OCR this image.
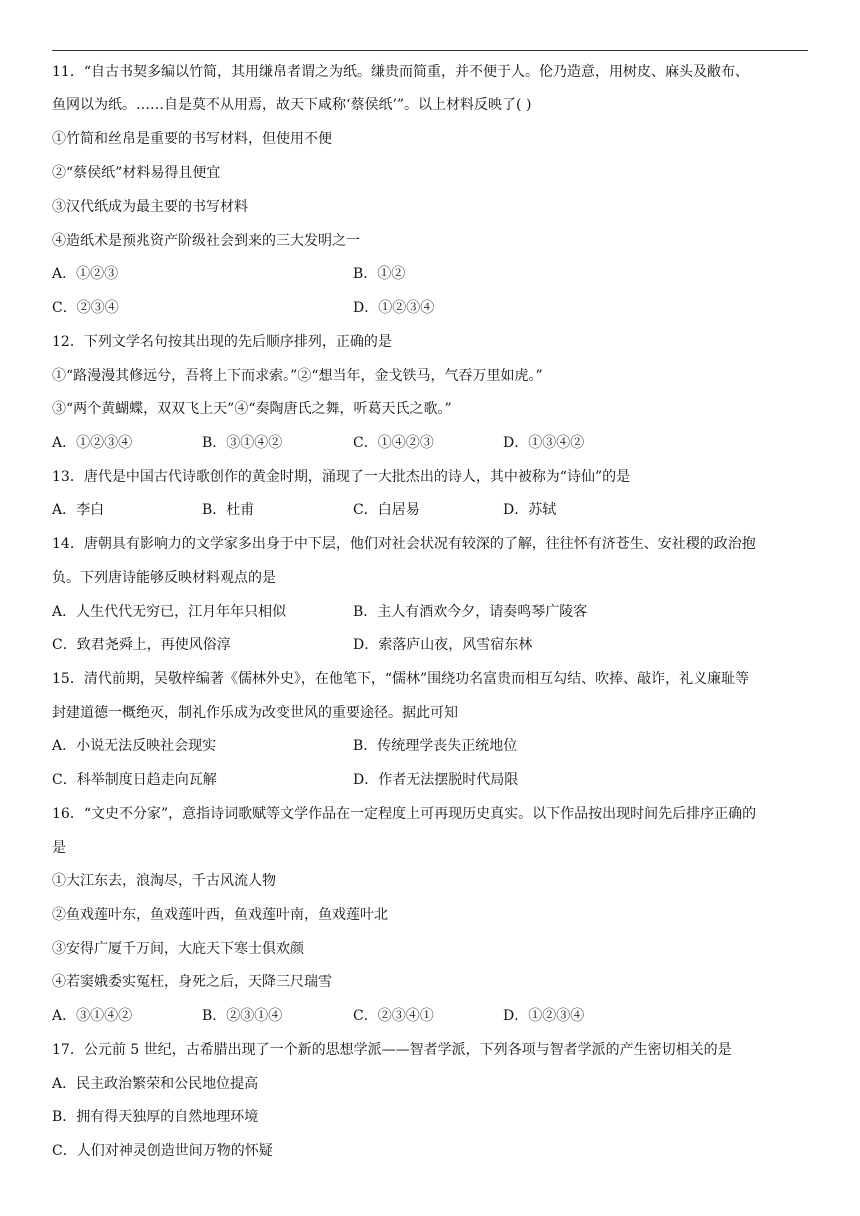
11．“自古书契多编以竹简，其用缣帛者谓之为纸。缣贵而简重，并不便于人。伦乃造意，用树皮、麻头及敝布、
鱼网以为纸。……自是莫不从用焉，故天下咸称‘蔡侯纸’”。以上材料反映了( )
①竹简和丝帛是重要的书写材料，但使用不便
②“蔡侯纸”材料易得且便宜
③汉代纸成为最主要的书写材料
④造纸术是预兆资产阶级社会到来的三大发明之一
A．①②③	B．①②
C．②③④	D．①②③④
12．下列文学名句按其出现的先后顺序排列，正确的是
①“路漫漫其修远兮，吾将上下而求索。”②“想当年，金戈铁马，气吞万里如虎。”
③“两个黄蝴蝶，双双飞上天”④“奏陶唐氏之舞，听葛天氏之歌。”
A．①②③④	B．③①④②	C．①④②③	D．①③④②
13．唐代是中国古代诗歌创作的黄金时期，涌现了一大批杰出的诗人，其中被称为“诗仙”的是
A．李白	B．杜甫	C．白居易	D．苏轼
14．唐朝具有影响力的文学家多出身于中下层，他们对社会状况有较深的了解，往往怀有济苍生、安社稷的政治抱
负。下列唐诗能够反映材料观点的是
A．人生代代无穷已，江月年年只相似	B．主人有酒欢今夕，请奏鸣琴广陵客
C．致君尧舜上，再使风俗淳	D．索落庐山夜，风雪宿东林
15．清代前期，吴敬梓编著《儒林外史》，在他笔下，“儒林”围绕功名富贵而相互勾结、吹捧、敲诈，礼义廉耻等
封建道德一概绝灭，制礼作乐成为改变世风的重要途径。据此可知
A．小说无法反映社会现实	B．传统理学丧失正统地位
C．科举制度日趋走向瓦解	D．作者无法摆脱时代局限
16．“文史不分家”，意指诗词歌赋等文学作品在一定程度上可再现历史真实。以下作品按出现时间先后排序正确的
是
①大江东去，浪淘尽，千古风流人物
②鱼戏莲叶东，鱼戏莲叶西，鱼戏莲叶南，鱼戏莲叶北
③安得广厦千万间，大庇天下寒士俱欢颜
④若窦娥委实冤枉，身死之后，天降三尺瑞雪
A．③①④②	B．②③①④	C．②③④①	D．①②③④
17．公元前 5 世纪，古希腊出现了一个新的思想学派——智者学派，下列各项与智者学派的产生密切相关的是
A．民主政治繁荣和公民地位提高
B．拥有得天独厚的自然地理环境
C．人们对神灵创造世间万物的怀疑
